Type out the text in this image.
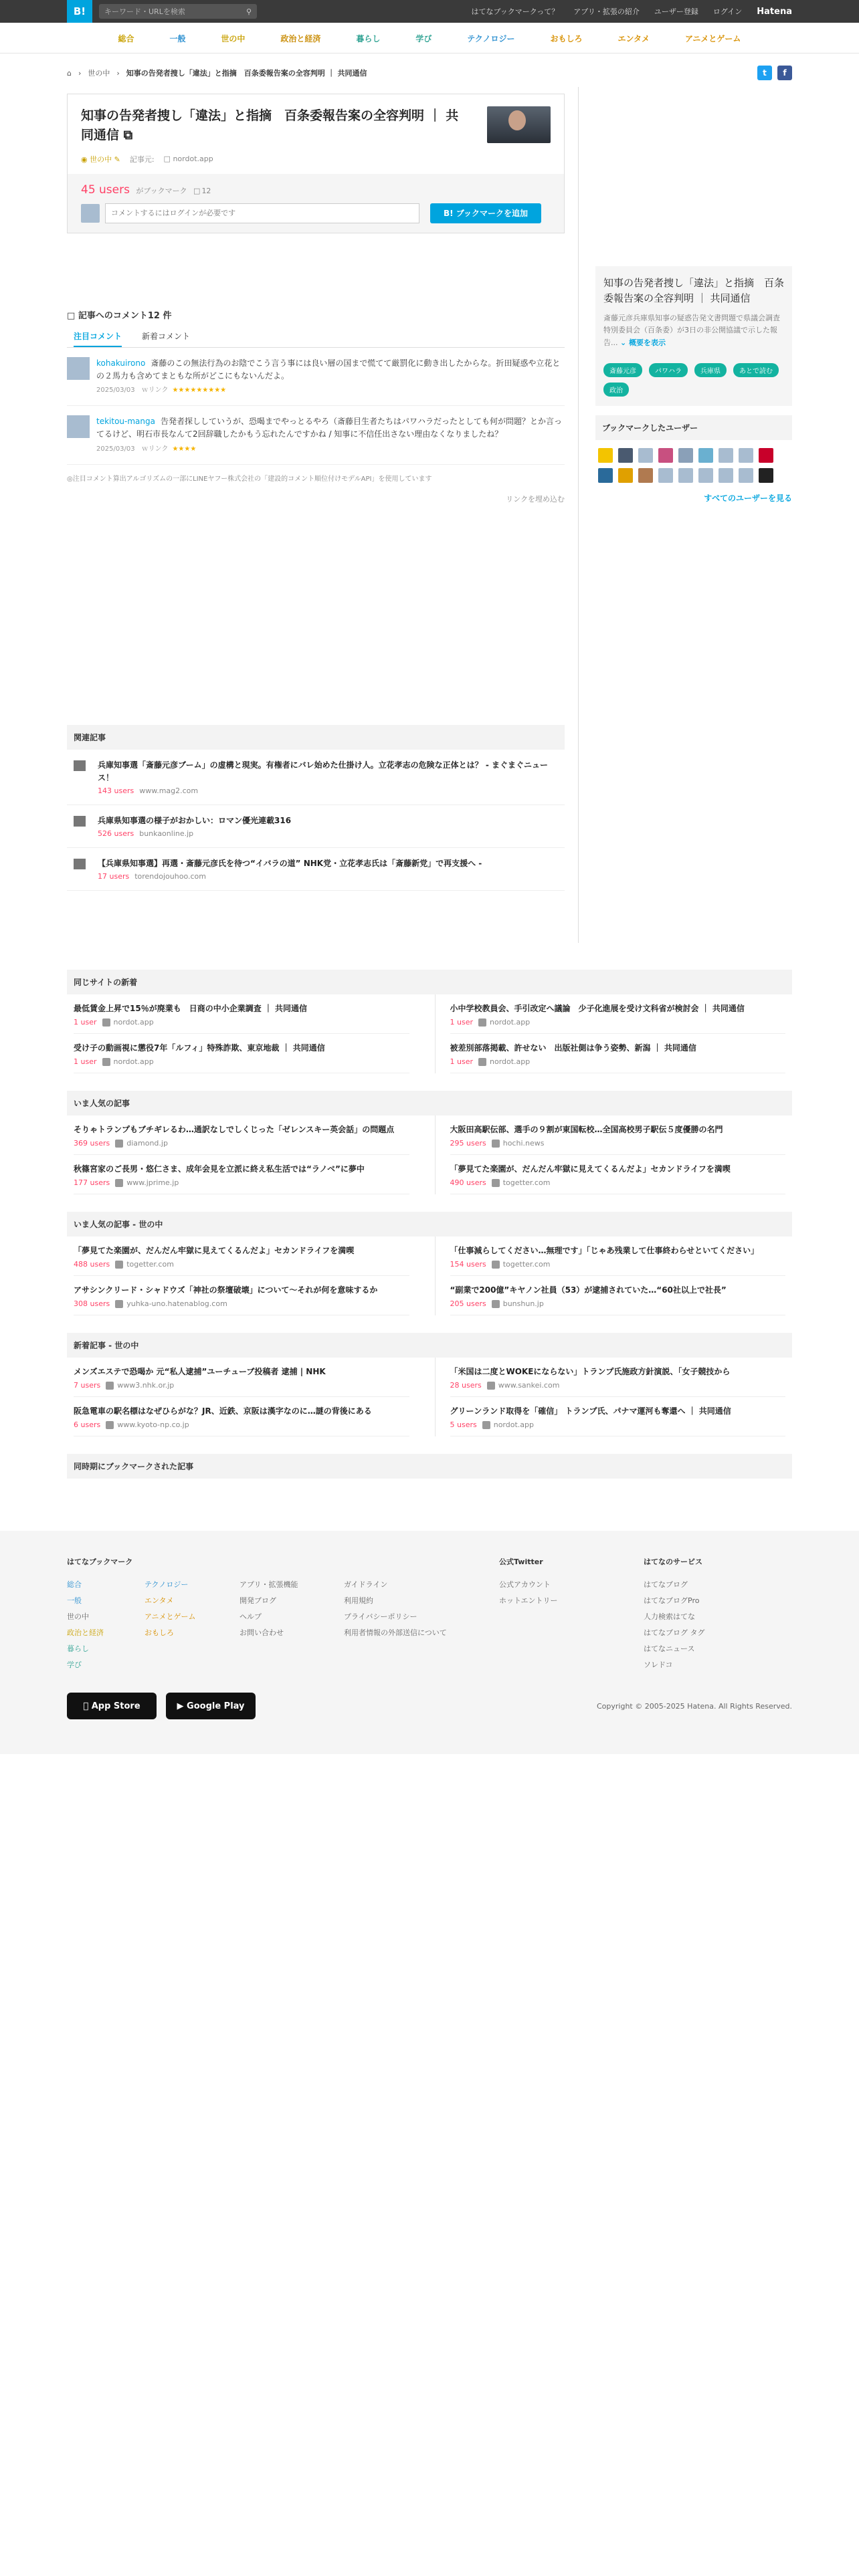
B!
キーワード・URLを検索	⚲	はてなブックマークって？ アプリ・拡張の紹介 ユーザー登録 ログイン Hatena
総合	一般	世の中	政治と経済	暮らし	学び	テクノロジー	おもしろ	エンタメ	アニメとゲーム
⌂ › 世の中 › 知事の告発者捜し「違法」と指摘　百条委報告案の全容判明 ｜ 共同通信	t	f
知事の告発者捜し「違法」と指摘　百条委報告案の全容判明 ｜ 共同通信 ⧉
◉ 世の中 ✎ 記事元: □ nordot.app
45 users がブックマーク □ 12
コメントするにはログインが必要です
B! ブックマークを追加
□ 記事へのコメント12 件
注目コメント	新着コメント
kohakuirono 斎藤のこの無法行為のお陰でこう言う事には良い層の国まで慌てて厳罰化に動き出したからな。折田疑惑や立花との２馬力も含めてまともな所がどこにもないんだよ。
2025/03/03　 ｗリンク ★★★★★★★★★
tekitou-manga 告発者探ししていうが、恐喝までやっとるやろ（斎藤目生者たちはパワハラだったとしても何が問題？とか言ってるけど、明石市長なんて2回辞職したかもう忘れたんですかね / 知事に不信任出さない理由なくなりましたね？
2025/03/03　 ｗリンク ★★★★
◎注目コメント算出アルゴリズムの一部にLINEヤフー株式会社の「建設的コメント順位付けモデルAPI」を使用しています
リンクを埋め込む
関連記事
兵庫知事選「斎藤元彦ブーム」の虚構と現実。有権者にバレ始めた仕掛け人。立花孝志の危険な正体とは？ - まぐまぐニュース！
143 users www.mag2.com
兵庫県知事選の様子がおかしい：ロマン優光連載316
526 users bunkaonline.jp
【兵庫県知事選】再選・斎藤元彦氏を待つ“イバラの道” NHK党・立花孝志氏は「斎藤新党」で再支援へ -
17 users torendojouhoo.com
知事の告発者捜し「違法」と指摘　百条委報告案の全容判明 ｜ 共同通信
斎藤元彦兵庫県知事の疑惑告発文書問題で県議会調査特別委員会（百条委）が3日の非公開協議で示した報告... ⌄ 概要を表示
斎藤元彦	パワハラ	兵庫県	あとで読む
政治
ブックマークしたユーザー
すべてのユーザーを見る
同じサイトの新着
最低賃金上昇で15％が廃業も　日商の中小企業調査 ｜ 共同通信
1 user nordot.app
受け子の動画視に懲役7年「ルフィ」特殊詐欺、東京地裁 ｜ 共同通信
1 user nordot.app
小中学校教員会、手引改定へ議論　少子化進展を受け文科省が検討会 ｜ 共同通信
1 user nordot.app
被差別部落掲載、許せない　出版社側は争う姿勢、新潟 ｜ 共同通信
1 user nordot.app
いま人気の記事
そりゃトランプもブチギレるわ…通訳なしでしくじった「ゼレンスキー英会話」の問題点
369 users diamond.jp
秋篠宮家のご長男・悠仁さま、成年会見を立派に終え私生活では“ラノベ”に夢中
177 users www.jprime.jp
大阪田高駅伝部、選手の９割が東国転校…全国高校男子駅伝５度優勝の名門
295 users hochi.news
「夢見てた楽園が、だんだん牢獄に見えてくるんだよ」セカンドライフを満喫
490 users togetter.com
いま人気の記事 - 世の中
「夢見てた楽園が、だんだん牢獄に見えてくるんだよ」セカンドライフを満喫
488 users togetter.com
アサシンクリード・シャドウズ「神社の祭壇破壊」について〜それが何を意味するか
308 users yuhka-uno.hatenablog.com
「仕事減らしてください…無理です」「じゃあ残業して仕事終わらせといてください」
154 users togetter.com
“副業で200億”キヤノン社員（53）が逮捕されていた…“60社以上で社長”
205 users bunshun.jp
新着記事 - 世の中
メンズエステで恐喝か 元“私人逮捕”ユーチューブ投稿者 逮捕 | NHK
7 users www3.nhk.or.jp
阪急電車の駅名標はなぜひらがな？JR、近鉄、京阪は漢字なのに…謎の背後にある
6 users www.kyoto-np.co.jp
「米国は二度とWOKEにならない」トランプ氏施政方針演説、「女子競技から
28 users www.sankei.com
グリーンランド取得を「確信」 トランプ氏、パナマ運河も奪還へ ｜ 共同通信
5 users nordot.app
同時期にブックマークされた記事
はてなブックマーク
総合
一般
世の中
政治と経済
暮らし
学び
テクノロジー
エンタメ
アニメとゲーム
おもしろ
アプリ・拡張機能
開発ブログ
ヘルプ
お問い合わせ
ガイドライン
利用規約
プライバシーポリシー
利用者情報の外部送信について
公式Twitter
公式アカウント
ホットエントリー
はてなのサービス
はてなブログ
はてなブログPro
人力検索はてな
はてなブログ タグ
はてなニュース
ソレドコ

App Store	▶
Google Play	Copyright © 2005-2025 Hatena. All Rights Reserved.
